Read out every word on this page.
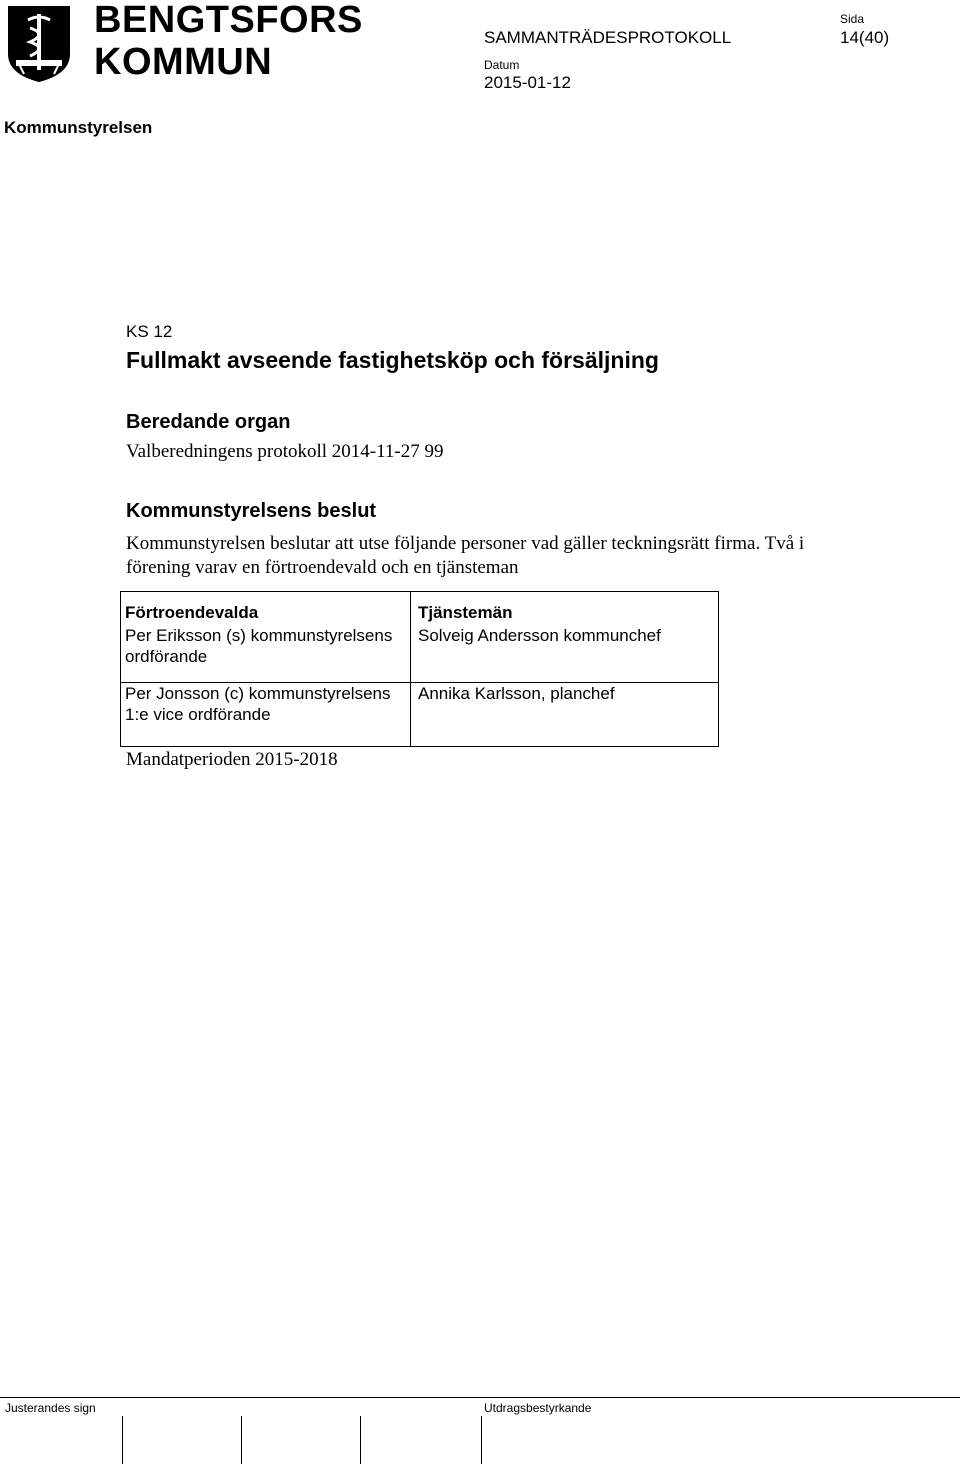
BENGTSFORS
KOMMUN
SAMMANTRÄDESPROTOKOLL
Sida
14(40)
Datum
2015-01-12
Kommunstyrelsen
KS 12
Fullmakt avseende fastighetsköp och försäljning
Beredande organ
Valberedningens protokoll 2014-11-27 99
Kommunstyrelsens beslut
Kommunstyrelsen beslutar att utse följande personer vad gäller teckningsrätt firma. Två i förening varav en förtroendevald och en tjänsteman
Förtroendevalda	Tjänstemän
Per Eriksson (s) kommunstyrelsens ordförande
Solveig Andersson kommunchef
Per Jonsson (c) kommunstyrelsens 1:e vice ordförande
Annika Karlsson, planchef
Mandatperioden 2015-2018
Justerandes sign	Utdragsbestyrkande
